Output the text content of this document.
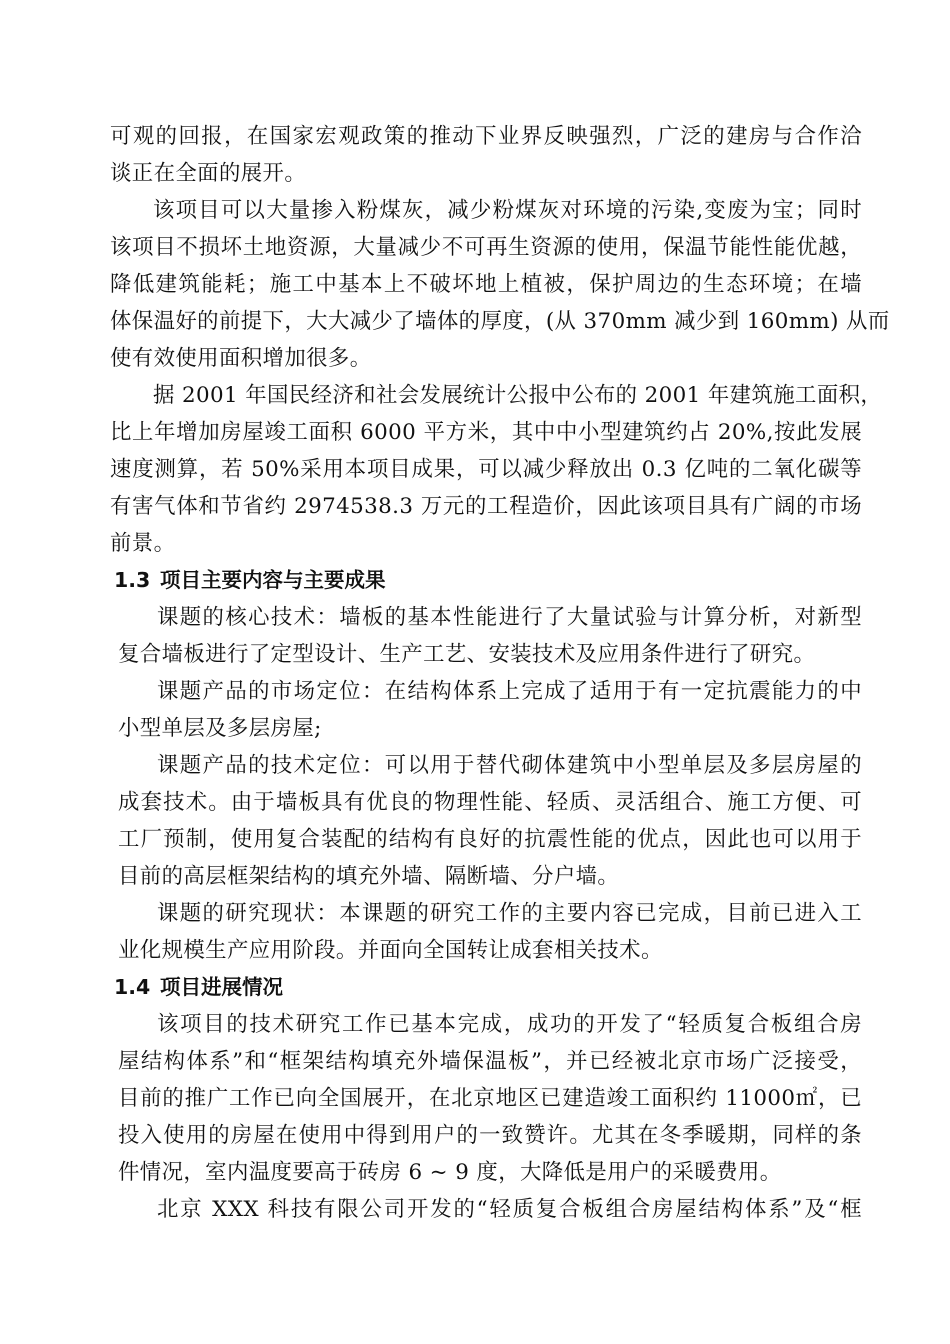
可观的回报，在国家宏观政策的推动下业界反映强烈，广泛的建房与合作洽
谈正在全面的展开。
该项目可以大量掺入粉煤灰，减少粉煤灰对环境的污染,变废为宝；同时
该项目不损坏土地资源，大量减少不可再生资源的使用，保温节能性能优越，
降低建筑能耗；施工中基本上不破坏地上植被，保护周边的生态环境；在墙
体保温好的前提下，大大减少了墙体的厚度，(从 370mm 减少到 160mm) 从而
使有效使用面积增加很多。
据 2001 年国民经济和社会发展统计公报中公布的 2001 年建筑施工面积，
比上年增加房屋竣工面积 6000 平方米，其中中小型建筑约占 20%,按此发展
速度测算，若 50%采用本项目成果，可以减少释放出 0.3 亿吨的二氧化碳等
有害气体和节省约 2974538.3 万元的工程造价，因此该项目具有广阔的市场
前景。
1.3 项目主要内容与主要成果
课题的核心技术：墙板的基本性能进行了大量试验与计算分析，对新型
复合墙板进行了定型设计、生产工艺、安装技术及应用条件进行了研究。
课题产品的市场定位：在结构体系上完成了适用于有一定抗震能力的中
小型单层及多层房屋;
课题产品的技术定位：可以用于替代砌体建筑中小型单层及多层房屋的
成套技术。由于墙板具有优良的物理性能、轻质、灵活组合、施工方便、可
工厂预制，使用复合装配的结构有良好的抗震性能的优点，因此也可以用于
目前的高层框架结构的填充外墙、隔断墙、分户墙。
课题的研究现状：本课题的研究工作的主要内容已完成，目前已进入工
业化规模生产应用阶段。并面向全国转让成套相关技术。
1.4 项目进展情况
该项目的技术研究工作已基本完成，成功的开发了“轻质复合板组合房
屋结构体系”和“框架结构填充外墙保温板”，并已经被北京市场广泛接受，
目前的推广工作已向全国展开，在北京地区已建造竣工面积约 11000㎡，已
投入使用的房屋在使用中得到用户的一致赞许。尤其在冬季暖期，同样的条
件情况，室内温度要高于砖房 6 ~ 9 度，大降低是用户的采暖费用。
北京 XXX 科技有限公司开发的“轻质复合板组合房屋结构体系”及“框
